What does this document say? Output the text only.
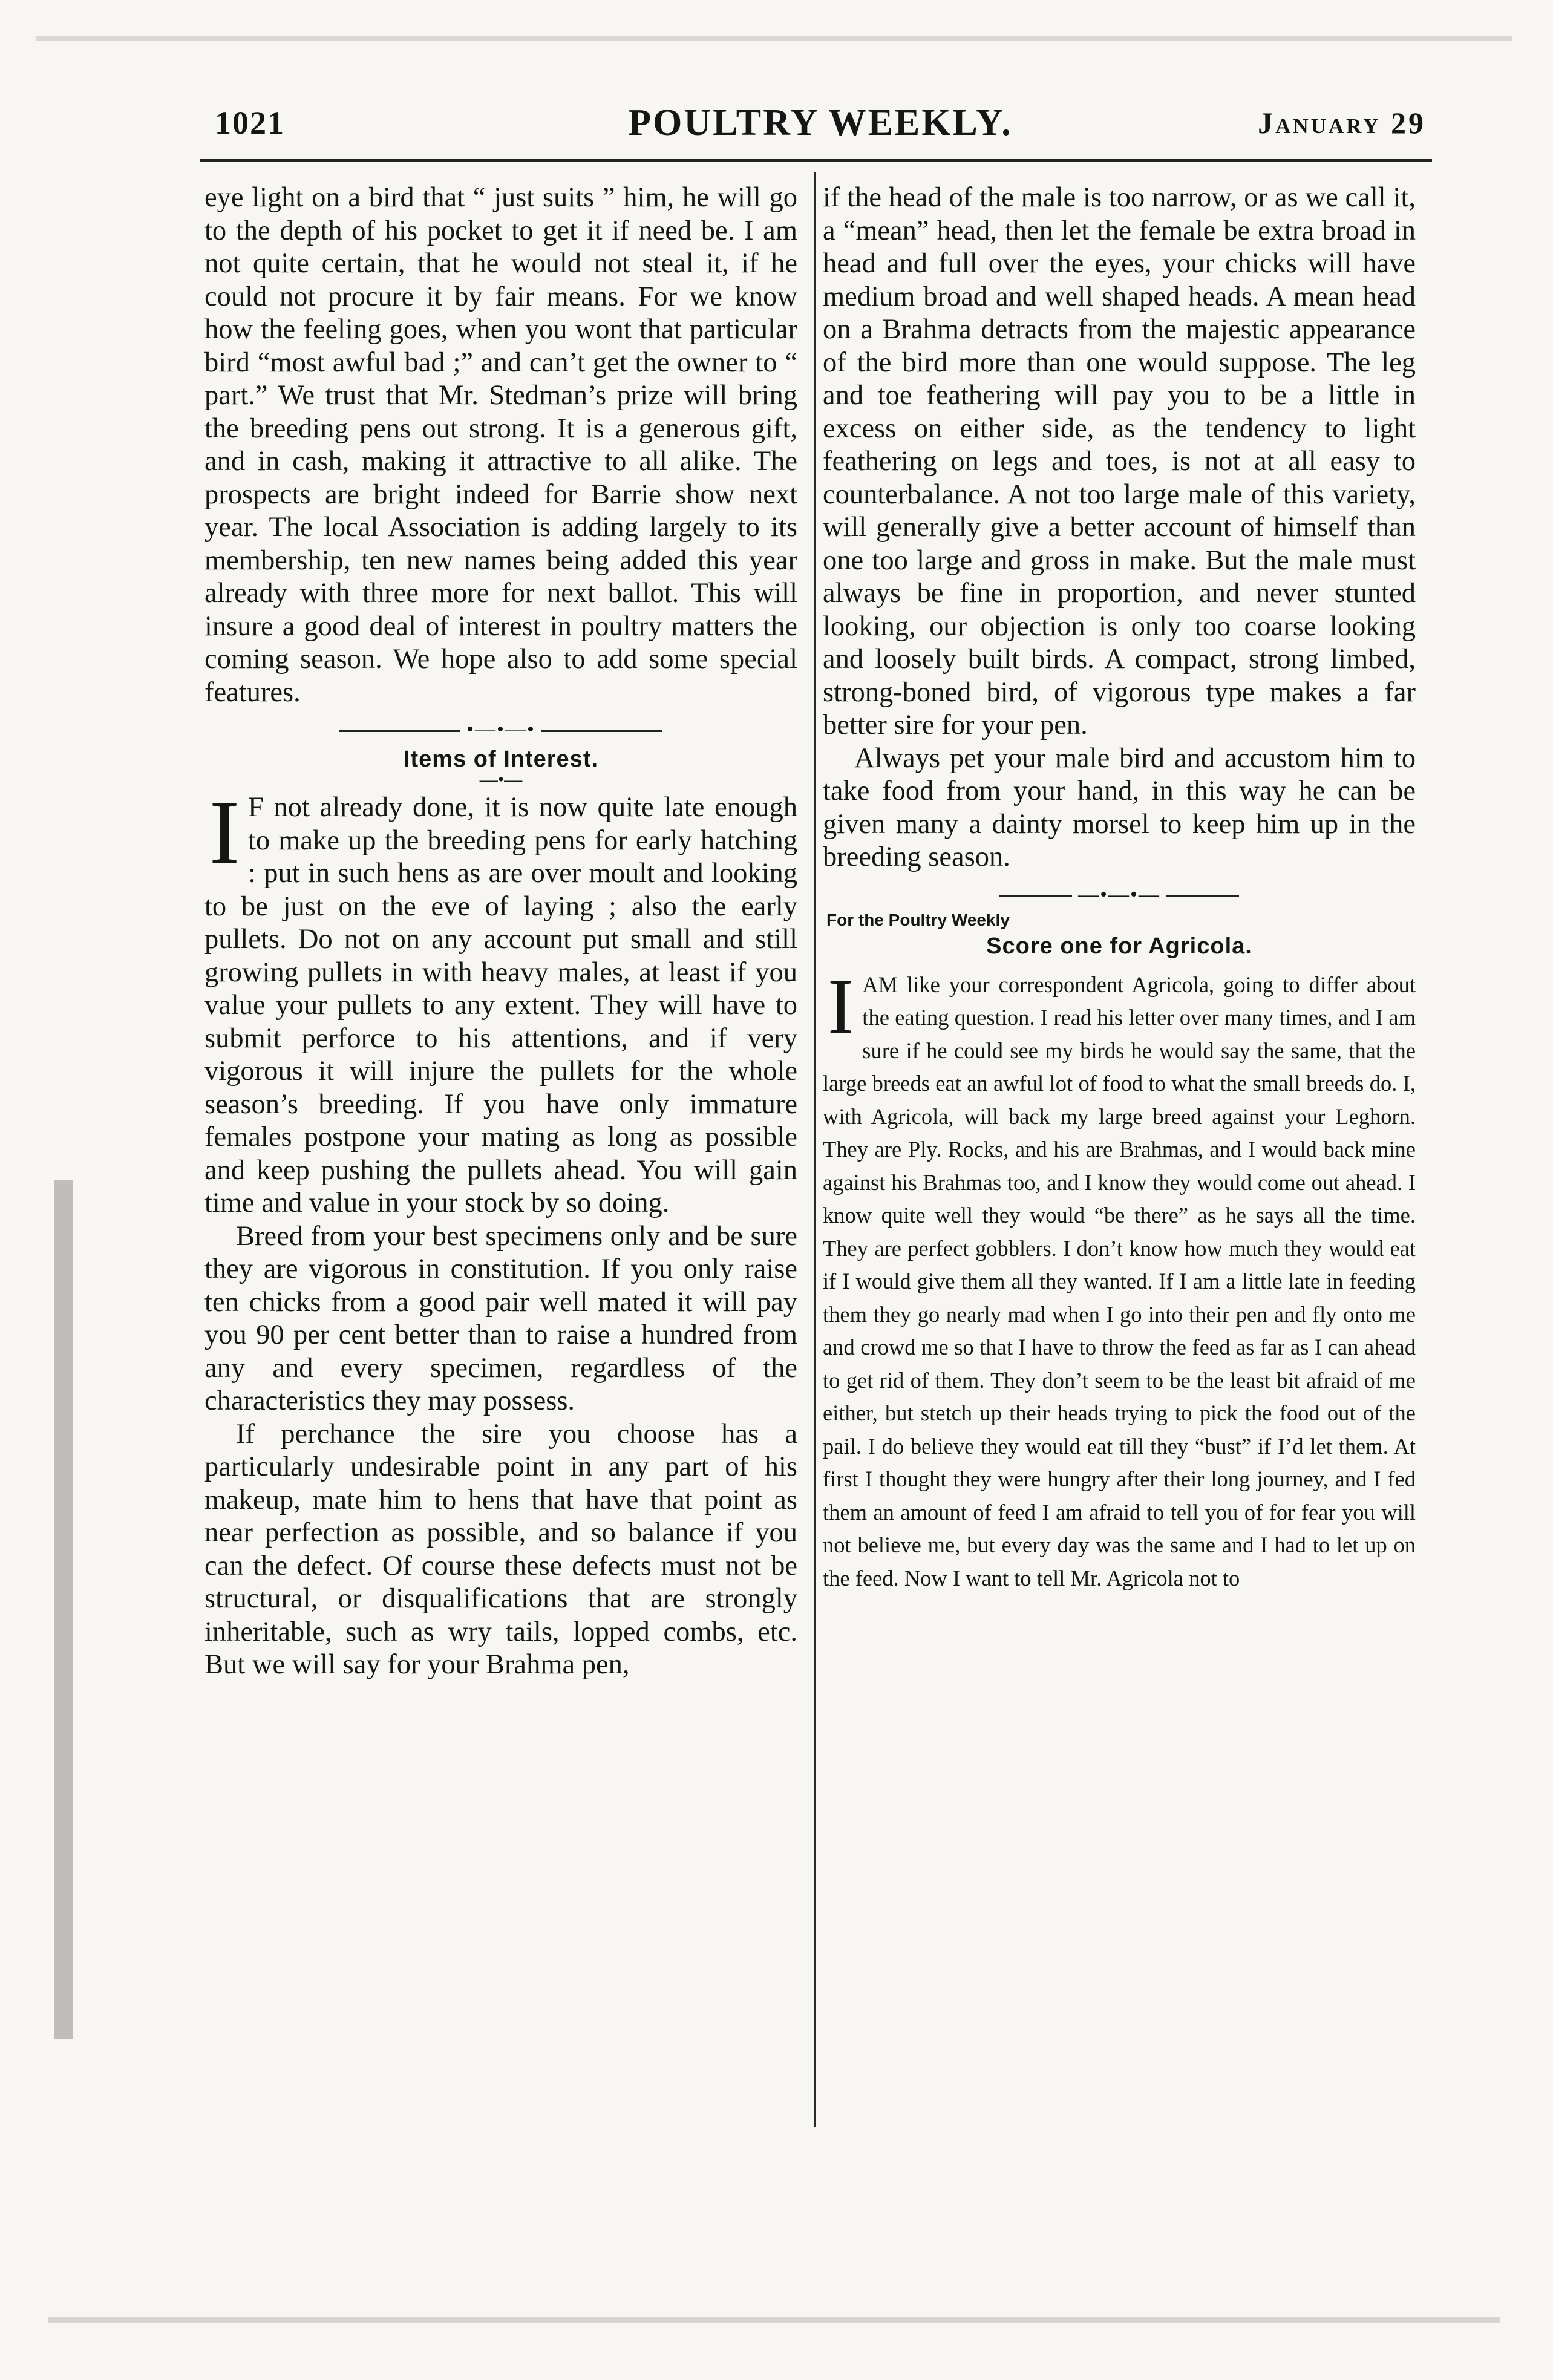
1021	POULTRY WEEKLY.	January 29

eye light on a bird that “ just suits ” him, he will go to the depth of his pocket to get it if need be. I am not quite certain, that he would not steal it, if he could not procure it by fair means. For we know how the feeling goes, when you wont that particular bird “most awful bad ;” and can’t get the owner to “ part.” We trust that Mr. Stedman’s prize will bring the breeding pens out strong. It is a generous gift, and in cash, making it attractive to all alike. The prospects are bright indeed for Barrie show next year. The local Association is adding largely to its membership, ten new names being added this year already with three more for next ballot. This will insure a good deal of interest in poultry matters the coming season. We hope also to add some special features.

•—•—•
Items of Interest.
—•—

I F not already done, it is now quite late enough to make up the breeding pens for early hatching : put in such hens as are over moult and looking to be just on the eve of laying ; also the early pullets. Do not on any account put small and still growing pullets in with heavy males, at least if you value your pullets to any extent. They will have to submit perforce to his attentions, and if very vigorous it will injure the pullets for the whole season’s breeding. If you have only immature females postpone your mating as long as possible and keep pushing the pullets ahead. You will gain time and value in your stock by so doing.

Breed from your best specimens only and be sure they are vigorous in constitution. If you only raise ten chicks from a good pair well mated it will pay you 90 per cent better than to raise a hundred from any and every specimen, regardless of the characteristics they may possess.

If perchance the sire you choose has a particularly undesirable point in any part of his makeup, mate him to hens that have that point as near perfection as possible, and so balance if you can the defect. Of course these defects must not be structural, or disqualifications that are strongly inheritable, such as wry tails, lopped combs, etc. But we will say for your Brahma pen,

if the head of the male is too narrow, or as we call it, a “mean” head, then let the female be extra broad in head and full over the eyes, your chicks will have medium broad and well shaped heads. A mean head on a Brahma detracts from the majestic appearance of the bird more than one would suppose. The leg and toe feathering will pay you to be a little in excess on either side, as the tendency to light feathering on legs and toes, is not at all easy to counterbalance. A not too large male of this variety, will generally give a better account of himself than one too large and gross in make. But the male must always be fine in proportion, and never stunted looking, our objection is only too coarse looking and loosely built birds. A compact, strong limbed, strong-boned bird, of vigorous type makes a far better sire for your pen.

Always pet your male bird and accustom him to take food from your hand, in this way he can be given many a dainty morsel to keep him up in the breeding season.

—•—•—
For the Poultry Weekly
Score one for Agricola.

IAM like your correspondent Agricola, going to differ about the eating question. I read his letter over many times, and I am sure if he could see my birds he would say the same, that the large breeds eat an awful lot of food to what the small breeds do. I, with Agricola, will back my large breed against your Leghorn. They are Ply. Rocks, and his are Brahmas, and I would back mine against his Brahmas too, and I know they would come out ahead. I know quite well they would “be there” as he says all the time. They are perfect gobblers. I don’t know how much they would eat if I would give them all they wanted. If I am a little late in feeding them they go nearly mad when I go into their pen and fly onto me and crowd me so that I have to throw the feed as far as I can ahead to get rid of them. They don’t seem to be the least bit afraid of me either, but stetch up their heads trying to pick the food out of the pail. I do believe they would eat till they “bust” if I’d let them. At first I thought they were hungry after their long journey, and I fed them an amount of feed I am afraid to tell you of for fear you will not believe me, but every day was the same and I had to let up on the feed. Now I want to tell Mr. Agricola not to
